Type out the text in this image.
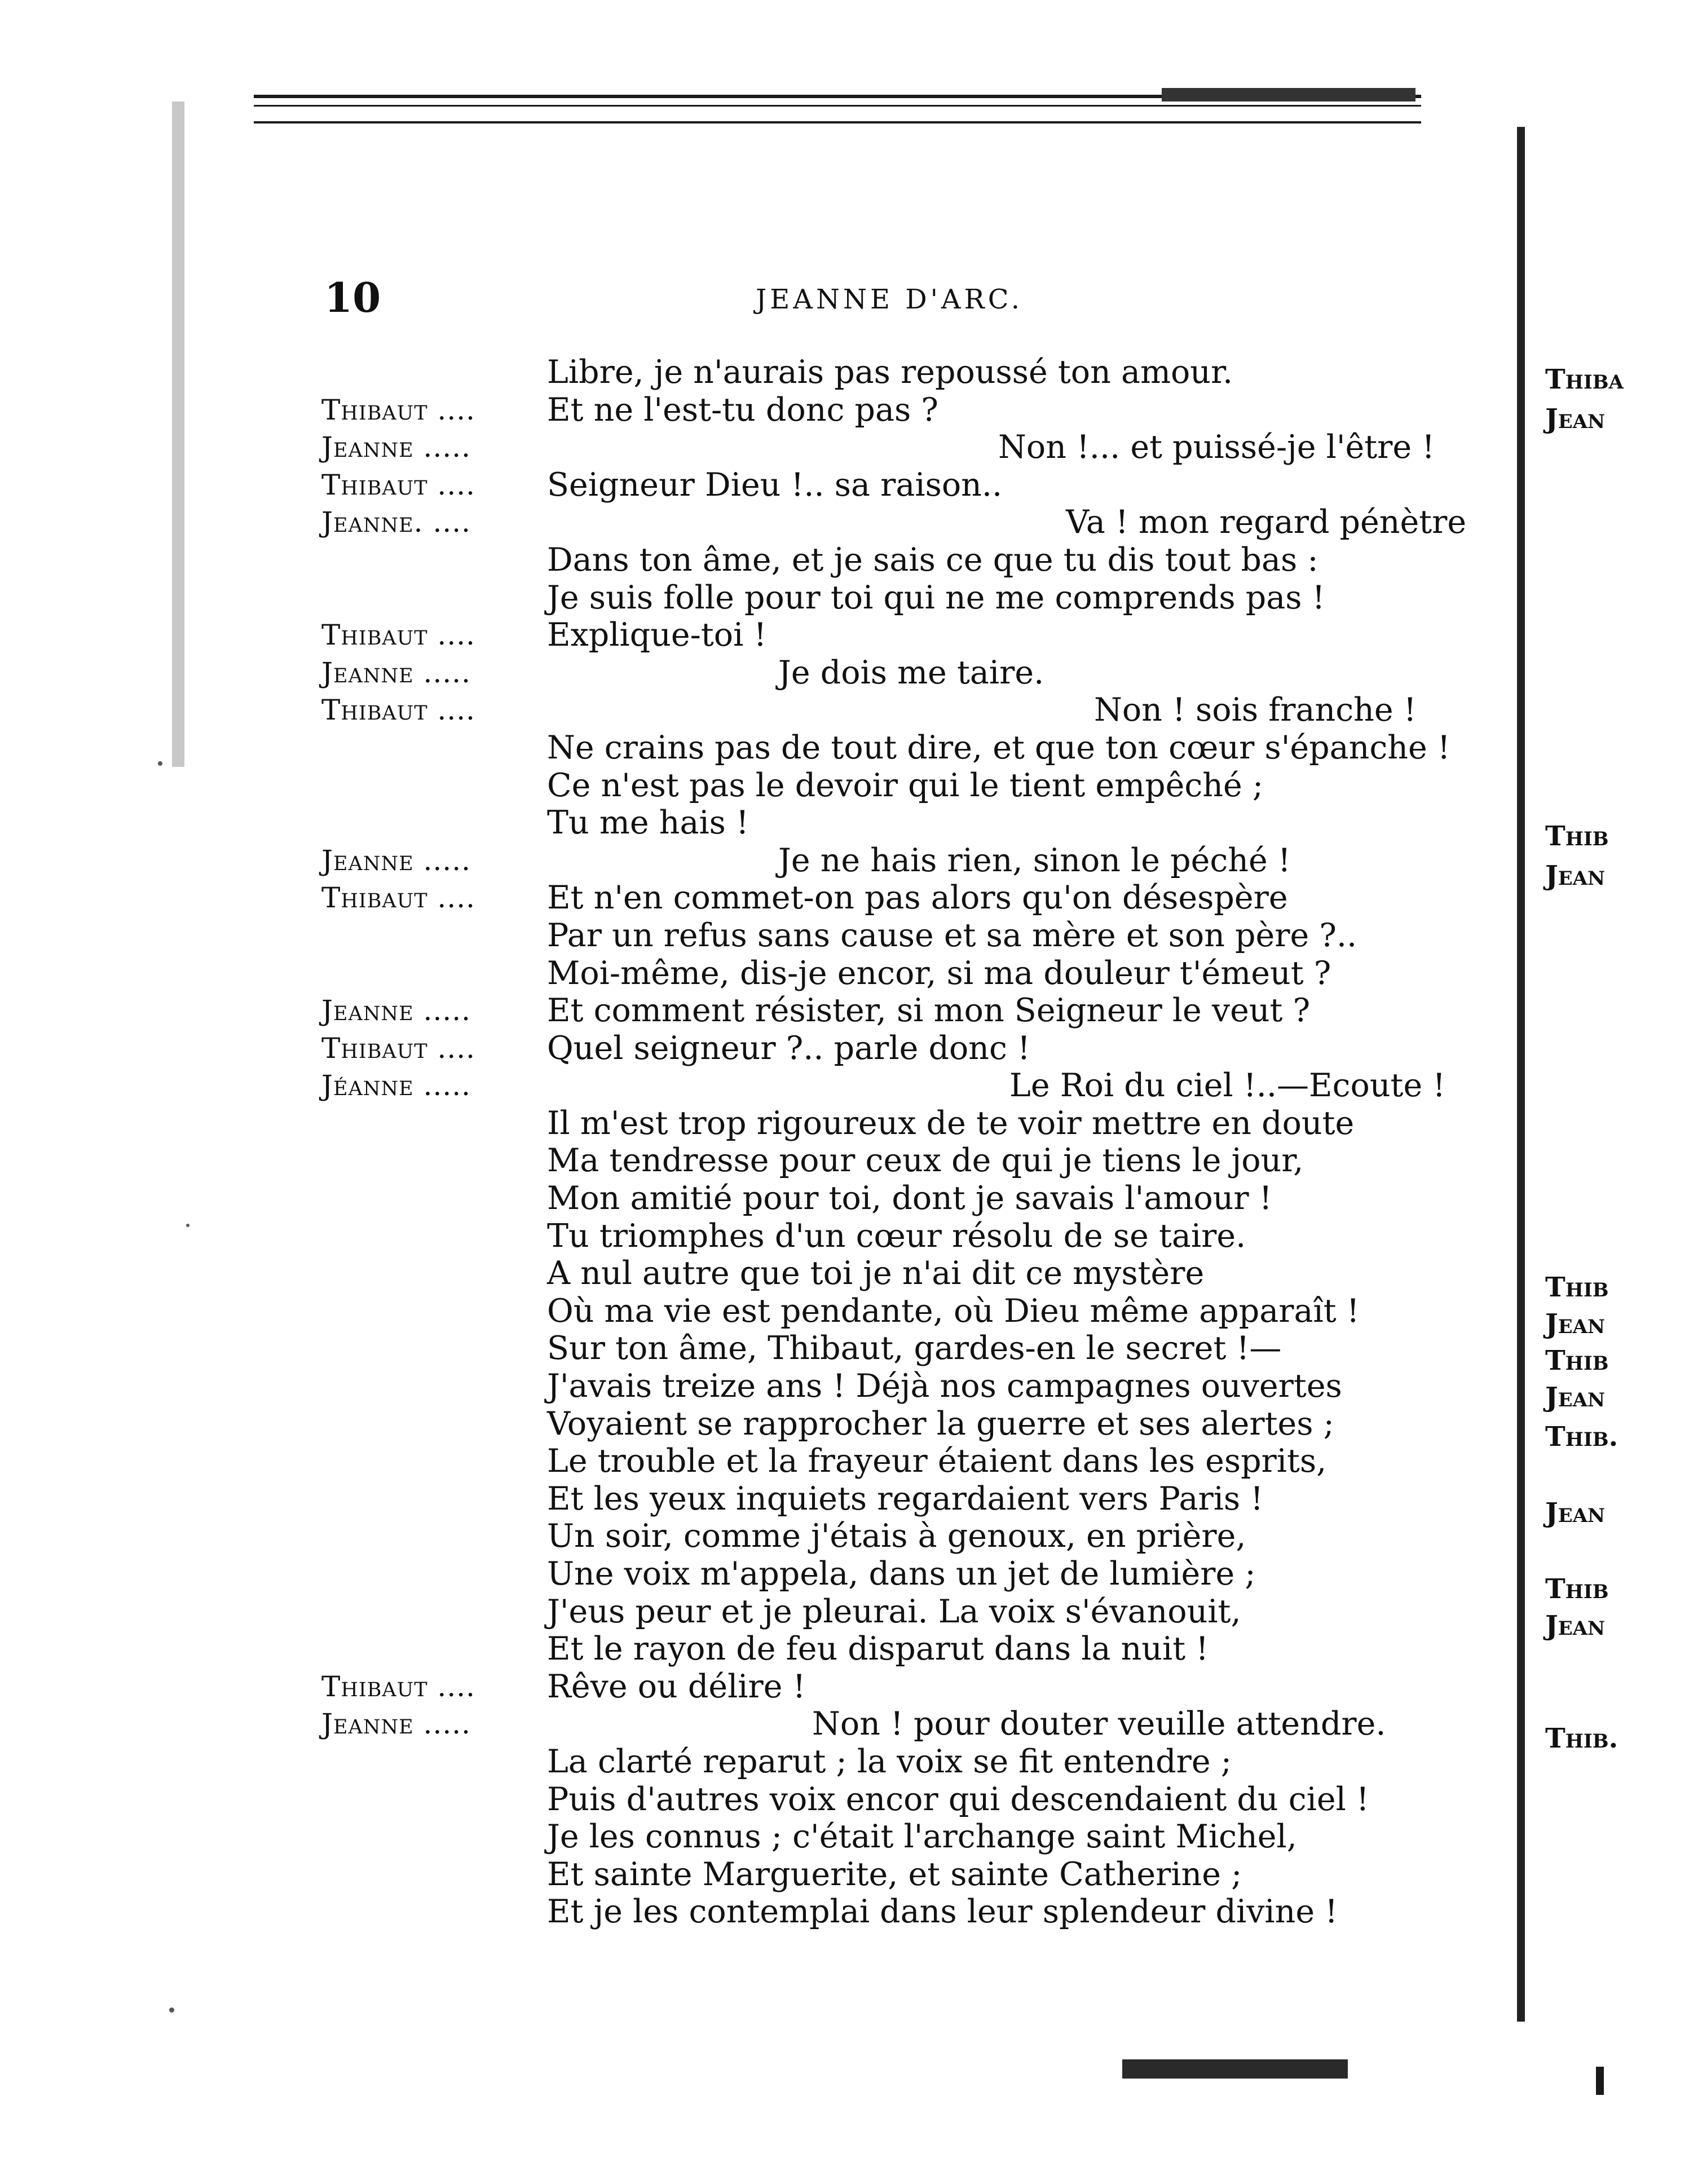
10	JEANNE D'ARC.
Libre, je n'aurais pas repoussé ton amour.
Thibaut .... Et ne l'est-tu donc pas ?
Jeanne .....	Non !... et puissé-je l'être !
Thibaut .... Seigneur Dieu !.. sa raison..
Jeanne. ....	Va ! mon regard pénètre
Dans ton âme, et je sais ce que tu dis tout bas :
Je suis folle pour toi qui ne me comprends pas !
Thibaut .... Explique-toi !
Jeanne .....	Je dois me taire.
Thibaut ....	Non ! sois franche !
Ne crains pas de tout dire, et que ton cœur s'épanche !
Ce n'est pas le devoir qui le tient empêché ;
Tu me hais !
Jeanne .....	Je ne hais rien, sinon le péché !
Thibaut .... Et n'en commet-on pas alors qu'on désespère
Par un refus sans cause et sa mère et son père ?..
Moi-même, dis-je encor, si ma douleur t'émeut ?
Jeanne ..... Et comment résister, si mon Seigneur le veut ?
Thibaut .... Quel seigneur ?.. parle donc !
Jéanne .....	Le Roi du ciel !..—Ecoute !
Il m'est trop rigoureux de te voir mettre en doute
Ma tendresse pour ceux de qui je tiens le jour,
Mon amitié pour toi, dont je savais l'amour !
Tu triomphes d'un cœur résolu de se taire.
A nul autre que toi je n'ai dit ce mystère
Où ma vie est pendante, où Dieu même apparaît !
Sur ton âme, Thibaut, gardes-en le secret !—
J'avais treize ans ! Déjà nos campagnes ouvertes
Voyaient se rapprocher la guerre et ses alertes ;
Le trouble et la frayeur étaient dans les esprits,
Et les yeux inquiets regardaient vers Paris !
Un soir, comme j'étais à genoux, en prière,
Une voix m'appela, dans un jet de lumière ;
J'eus peur et je pleurai. La voix s'évanouit,
Et le rayon de feu disparut dans la nuit !
Thibaut .... Rêve ou délire !
Jeanne .....	Non ! pour douter veuille attendre.
La clarté reparut ; la voix se fit entendre ;
Puis d'autres voix encor qui descendaient du ciel !
Je les connus ; c'était l'archange saint Michel,
Et sainte Marguerite, et sainte Catherine ;
Et je les contemplai dans leur splendeur divine !
Thiba
Jean
Thib
Jean
Thib
Jean
Thib
Jean
Thib.
Jean
Thib
Jean
Thib.
